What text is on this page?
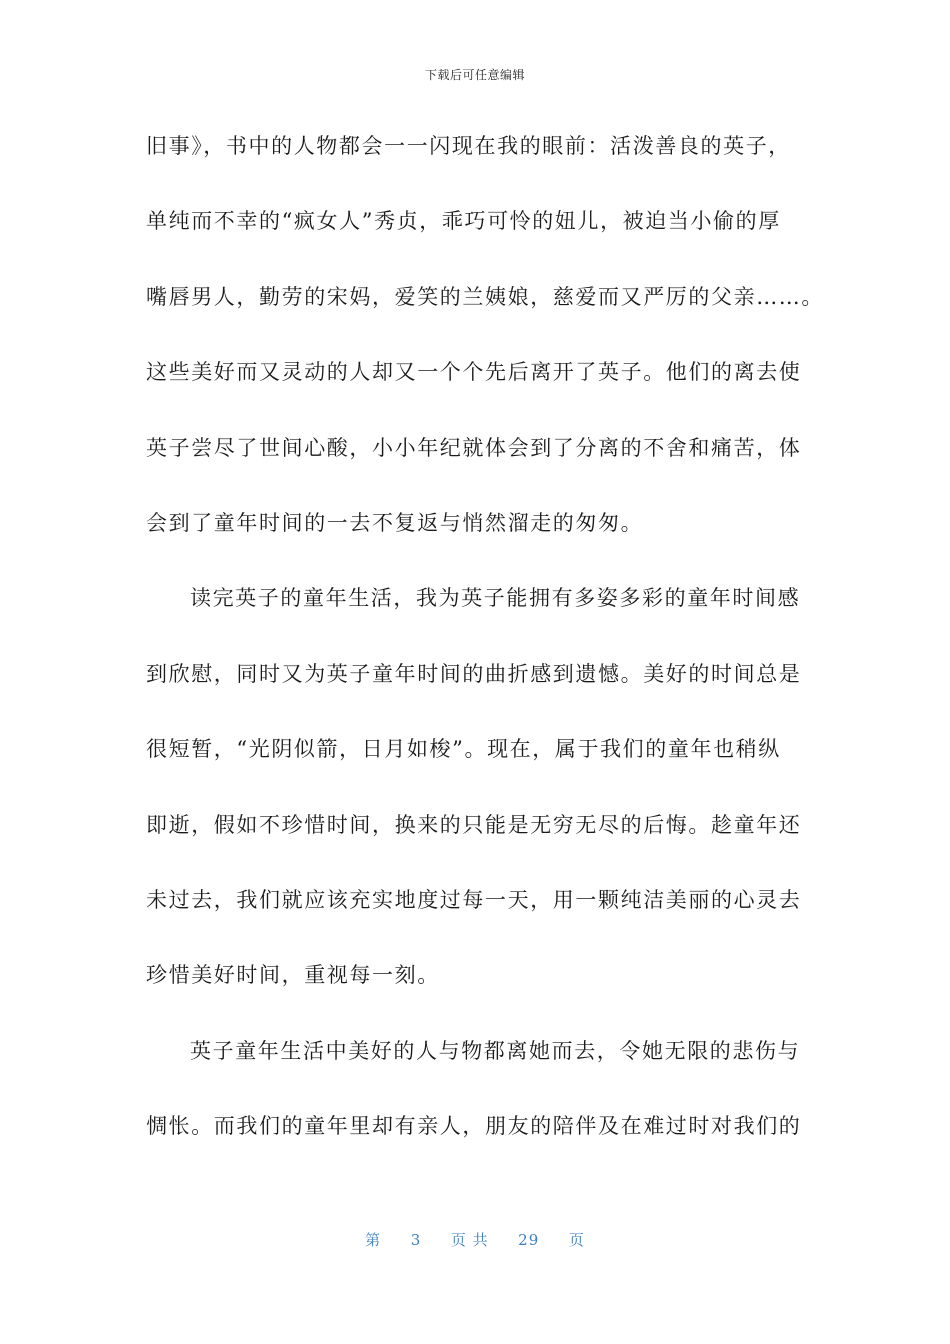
下载后可任意编辑
旧事》，书中的人物都会一一闪现在我的眼前：活泼善良的英子，
单纯而不幸的“疯女人”秀贞，乖巧可怜的妞儿，被迫当小偷的厚
嘴唇男人，勤劳的宋妈，爱笑的兰姨娘，慈爱而又严厉的父亲……。
这些美好而又灵动的人却又一个个先后离开了英子。他们的离去使
英子尝尽了世间心酸，小小年纪就体会到了分离的不舍和痛苦，体
会到了童年时间的一去不复返与悄然溜走的匆匆。
读完英子的童年生活，我为英子能拥有多姿多彩的童年时间感
到欣慰，同时又为英子童年时间的曲折感到遗憾。美好的时间总是
很短暂，“光阴似箭，日月如梭”。现在，属于我们的童年也稍纵
即逝，假如不珍惜时间，换来的只能是无穷无尽的后悔。趁童年还
未过去，我们就应该充实地度过每一天，用一颗纯洁美丽的心灵去
珍惜美好时间，重视每一刻。
英子童年生活中美好的人与物都离她而去，令她无限的悲伤与
惆怅。而我们的童年里却有亲人，朋友的陪伴及在难过时对我们的
第 3 页 共 29 页
